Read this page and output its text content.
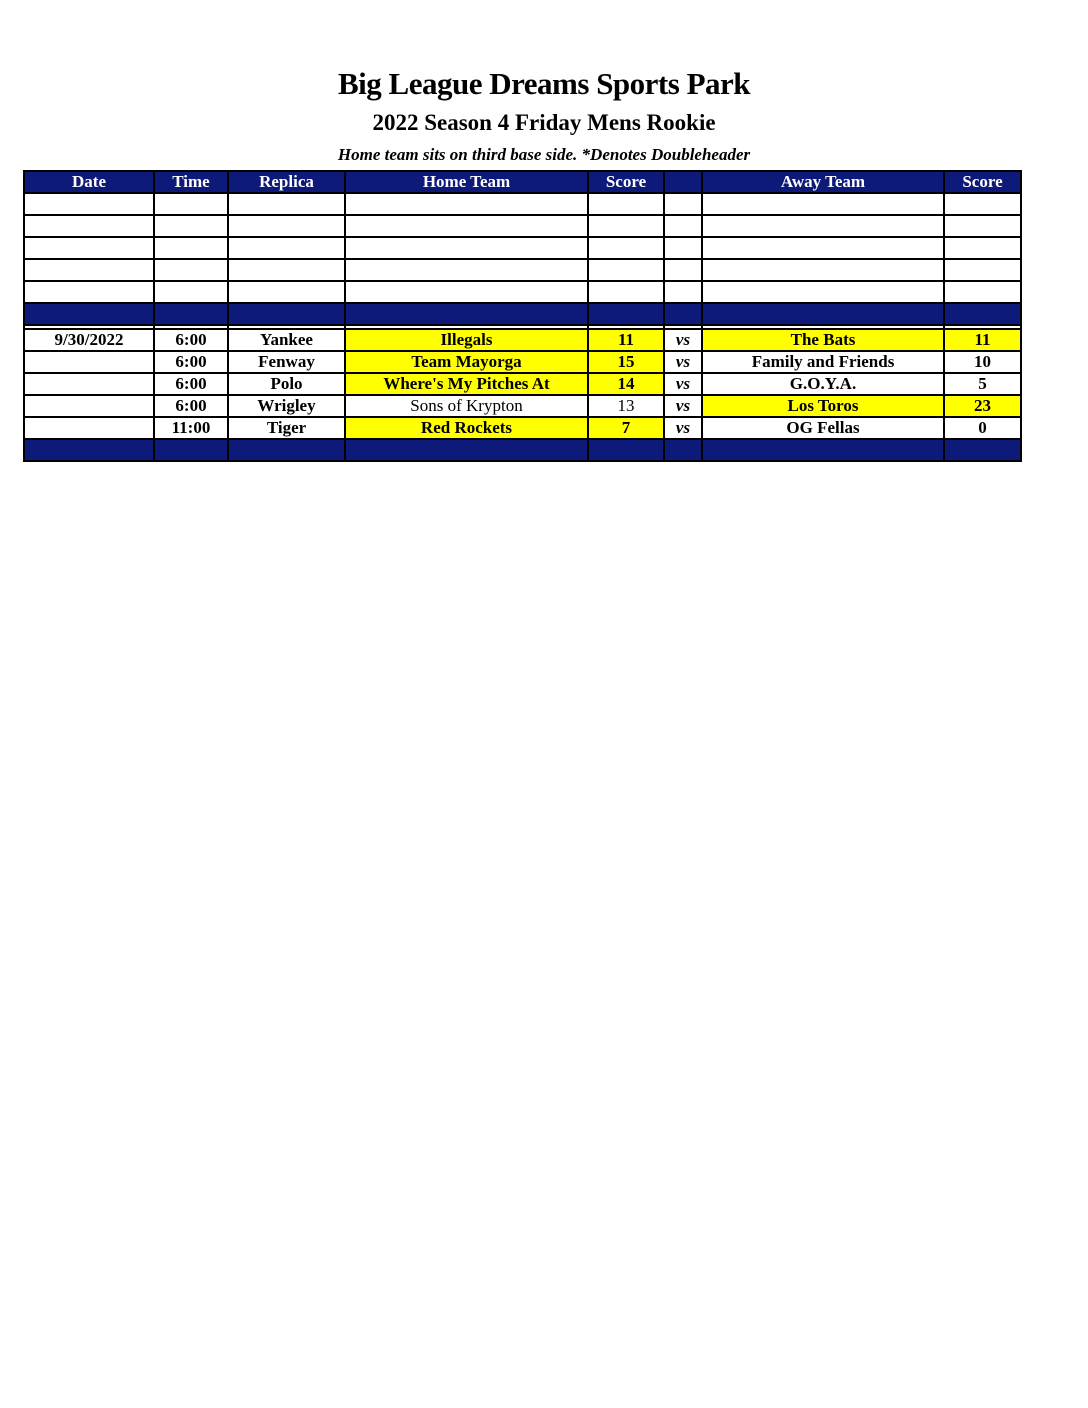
Big League Dreams Sports Park
2022 Season 4 Friday Mens Rookie
Home team sits on third base side. *Denotes Doubleheader
Date	Time	Replica	Home Team	Score		Away Team	Score

9/30/2022	6:00	Yankee	Illegals	11	vs	The Bats	11
	6:00	Fenway	Team Mayorga	15	vs	Family and Friends	10
	6:00	Polo	Where's My Pitches At	14	vs	G.O.Y.A.	5
	6:00	Wrigley	Sons of Krypton	13	vs	Los Toros	23
	11:00	Tiger	Red Rockets	7	vs	OG Fellas	0
